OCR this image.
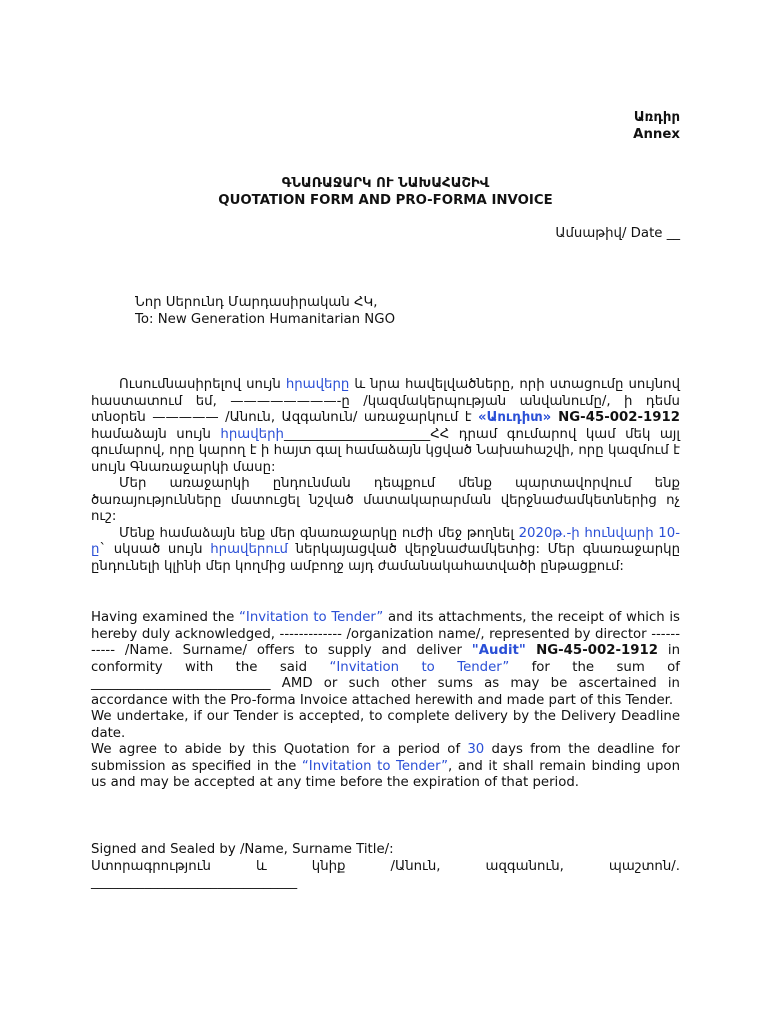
Առդիր
Annex
ԳՆԱՌԱՋԱՐԿ ՈՒ ՆԱԽԱՀԱՇԻՎ
QUOTATION FORM AND PRO-FORMA INVOICE
Ամսաթիվ/ Date __
Նոր Սերունդ Մարդասիրական ՀԿ,
To: New Generation Humanitarian NGO

Ուսումնասիրելով սույն հրավերը և նրա հավելվածները, որի ստացումը սույնով հաստատում եմ, ————————-ը /կազմակերպության անվանումը/, ի դեմս տնօրեն ————— /Անուն, Ազգանուն/ առաջարկում է «Աուդիտ» NG-45-002-1912 համաձայն սույն հրավերի______________________ՀՀ դրամ գումարով կամ մեկ այլ գումարով, որը կարող է ի հայտ գալ համաձայն կցված Նախահաշվի, որը կազմում է սույն Գնառաջարկի մասը:

Մեր առաջարկի ընդունման դեպքում մենք պարտավորվում ենք ծառայությունները մատուցել նշված մատակարարման վերջնաժամկետներից ոչ ուշ:

Մենք համաձայն ենք մեր գնառաջարկը ուժի մեջ թողնել 2020թ.-ի հունվարի 10-ը` սկսած սույն հրավերում ներկայացված վերջնաժամկետից: Մեր գնառաջարկը ընդունելի կլինի մեր կողմից ամբողջ այդ ժամանակահատվածի ընթացքում:

Having examined the “Invitation to Tender” and its attachments, the receipt of which is hereby duly acknowledged, ------------- /organization name/, represented by director ----------- /Name. Surname/ offers to supply and deliver "Audit" NG-45-002-1912 in conformity with the said “Invitation to Tender” for the sum of ___________________________ AMD or such other sums as may be ascertained in accordance with the Pro-forma Invoice attached herewith and made part of this Tender.

We undertake, if our Tender is accepted, to complete delivery by the Delivery Deadline date.

We agree to abide by this Quotation for a period of 30 days from the deadline for submission as specified in the “Invitation to Tender”, and it shall remain binding upon us and may be accepted at any time before the expiration of that period.

Signed and Sealed by /Name, Surname Title/:
Ստորագրություն	և	կնիք	/Անուն,	ազգանուն,	պաշտոն/.
_______________________________
